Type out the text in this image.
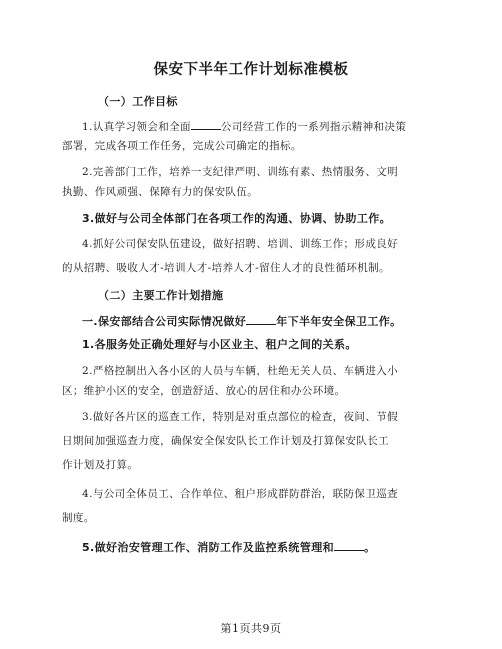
保安下半年工作计划标准模板
（一）工作目标
1.认真学习领会和全面	公司经营工作的一系列指示精神和决策
部署，完成各项工作任务，完成公司确定的指标。
2.完善部门工作，培养一支纪律严明、训练有素、热情服务、文明
执勤、作风顽强、保障有力的保安队伍。
3.做好与公司全体部门在各项工作的沟通、协调、协助工作。
4.抓好公司保安队伍建设，做好招聘、培训、训练工作；形成良好
的从招聘、吸收人才-培训人才-培养人才-留住人才的良性循环机制。
（二）主要工作计划措施
一.保安部结合公司实际情况做好	年下半年安全保卫工作。
1.各服务处正确处理好与小区业主、租户之间的关系。
2.严格控制出入各小区的人员与车辆，杜绝无关人员、车辆进入小
区；维护小区的安全，创造舒适、放心的居住和办公环境。
3.做好各片区的巡查工作，特别是对重点部位的检查，夜间、节假
日期间加强巡查力度，确保安全保安队长工作计划及打算保安队长工
作计划及打算。
4.与公司全体员工、合作单位、租户形成群防群治，联防保卫巡查
制度。
5.做好治安管理工作、消防工作及监控系统管理和	。
第1页共9页
